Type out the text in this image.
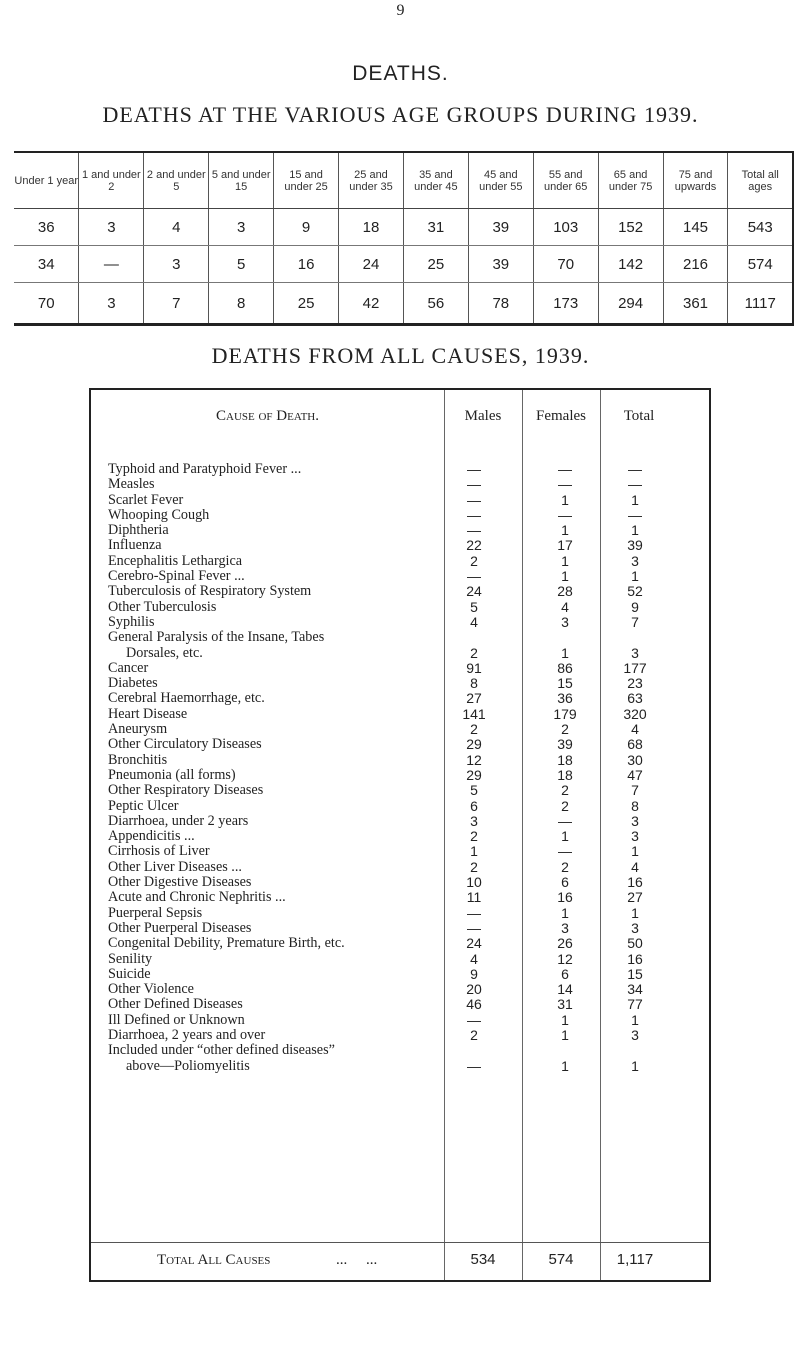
9
DEATHS.
DEATHS AT THE VARIOUS AGE GROUPS DURING 1939.
Under 1 year	1 and under 2	2 and under 5	5 and under 15	15 and under 25	25 and under 35	35 and under 45	45 and under 55	55 and under 65	65 and under 75	75 and upwards	Total all ages
36	3	4	3	9	18	31	39	103	152	145	543
34	—	3	5	16	24	25	39	70	142	216	574
70	3	7	8	25	42	56	78	173	294	361	1117
DEATHS FROM ALL CAUSES, 1939.
Cause of Death.	Males	Females	Total
Typhoid and Paratyphoid Fever ...	—	—	—
Measles	—	—	—
Scarlet Fever	—	1	1
Whooping Cough	—	—	—
Diphtheria	—	1	1
Influenza	22	17	39
Encephalitis Lethargica	2	1	3
Cerebro-Spinal Fever ...	—	1	1
Tuberculosis of Respiratory System	24	28	52
Other Tuberculosis	5	4	9
Syphilis	4	3	7
General Paralysis of the Insane, Tabes
Dorsales, etc.	2	1	3
Cancer	91	86	177
Diabetes	8	15	23
Cerebral Haemorrhage, etc.	27	36	63
Heart Disease	141	179	320
Aneurysm	2	2	4
Other Circulatory Diseases	29	39	68
Bronchitis	12	18	30
Pneumonia (all forms)	29	18	47
Other Respiratory Diseases	5	2	7
Peptic Ulcer	6	2	8
Diarrhoea, under 2 years	3	—	3
Appendicitis ...	2	1	3
Cirrhosis of Liver	1	—	1
Other Liver Diseases ...	2	2	4
Other Digestive Diseases	10	6	16
Acute and Chronic Nephritis ...	11	16	27
Puerperal Sepsis	—	1	1
Other Puerperal Diseases	—	3	3
Congenital Debility, Premature Birth, etc.	24	26	50
Senility	4	12	16
Suicide	9	6	15
Other Violence	20	14	34
Other Defined Diseases	46	31	77
Ill Defined or Unknown	—	1	1
Diarrhoea, 2 years and over	2	1	3
Included under “other defined diseases”
above—Poliomyelitis	—	1	1
Total All Causes	...     ...	534	574	1,117
